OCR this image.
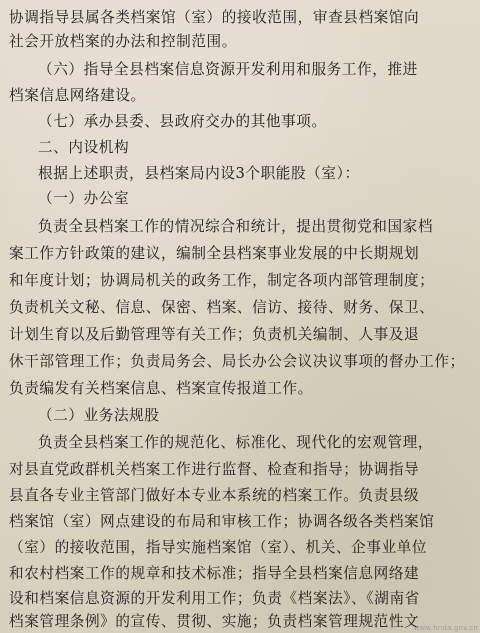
协调指导县属各类档案馆（室）的接收范围，审查县档案馆向
社会开放档案的办法和控制范围。
（六）指导全县档案信息资源开发利用和服务工作，推进
档案信息网络建设。
（七）承办县委、县政府交办的其他事项。
二、内设机构
根据上述职责，县档案局内设3个职能股（室）：
（一）办公室
负责全县档案工作的情况综合和统计，提出贯彻党和国家档
案工作方针政策的建议，编制全县档案事业发展的中长期规划
和年度计划；协调局机关的政务工作，制定各项内部管理制度；
负责机关文秘、信息、保密、档案、信访、接待、财务、保卫、
计划生育以及后勤管理等有关工作；负责机关编制、人事及退
休干部管理工作；负责局务会、局长办公会议决议事项的督办工作；
负责编发有关档案信息、档案宣传报道工作。
（二）业务法规股
负责全县档案工作的规范化、标准化、现代化的宏观管理，
对县直党政群机关档案工作进行监督、检查和指导；协调指导
县直各专业主管部门做好本专业本系统的档案工作。负责县级
档案馆（室）网点建设的布局和审核工作；协调各级各类档案馆
（室）的接收范围，指导实施档案馆（室）、机关、企事业单位
和农村档案工作的规章和技术标准；指导全县档案信息网络建
设和档案信息资源的开发利用工作；负责《档案法》、《湖南省
档案管理条例》的宣传、贯彻、实施；负责档案管理规范性文
www.hnda.gov.cn
